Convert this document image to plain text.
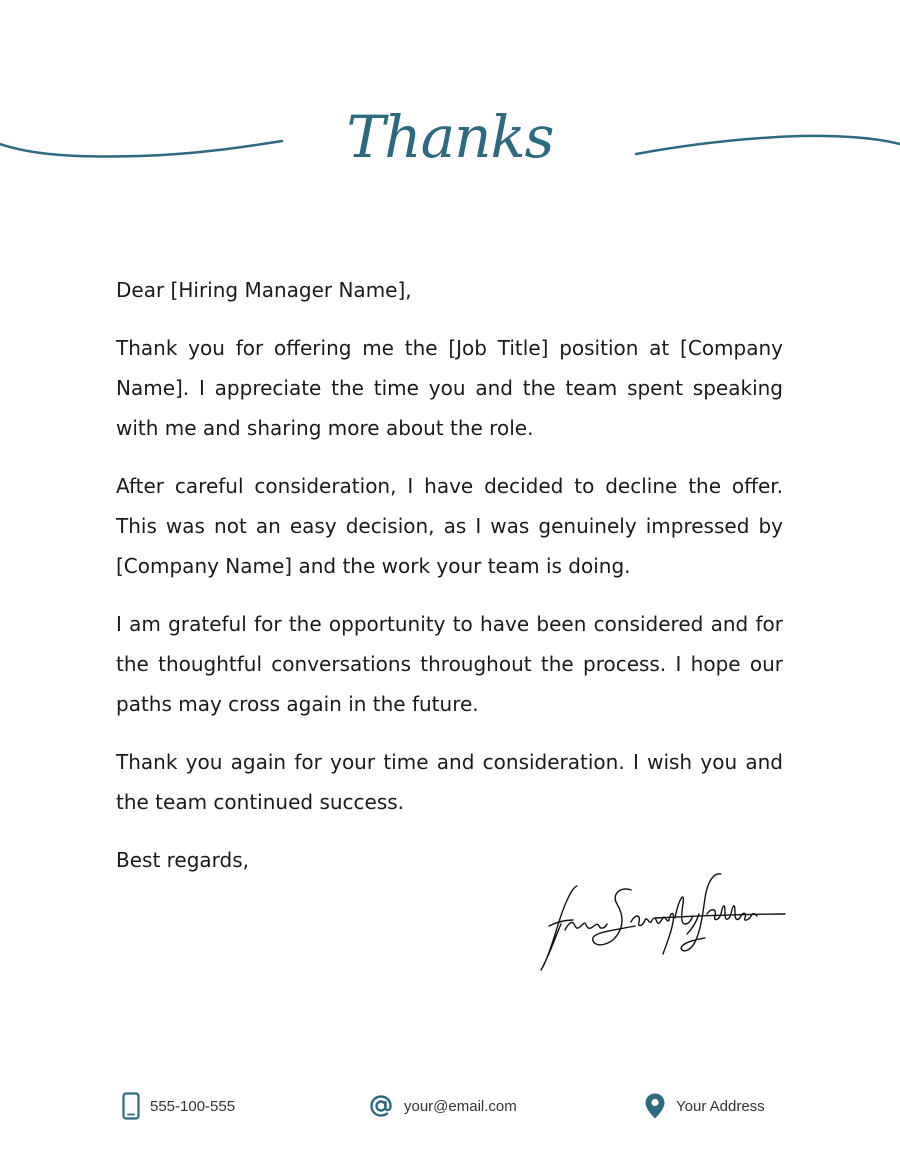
Thanks

Dear [Hiring Manager Name],

Thank you for offering me the [Job Title] position at [Company Name]. I appreciate the time you and the team spent speaking with me and sharing more about the role.

After careful consideration, I have decided to decline the offer. This was not an easy decision, as I was genuinely impressed by [Company Name] and the work your team is doing.

I am grateful for the opportunity to have been considered and for the thoughtful conversations throughout the process. I hope our paths may cross again in the future.

Thank you again for your time and consideration. I wish you and the team continued success.

Best regards,

555-100-555	your@email.com	Your Address
